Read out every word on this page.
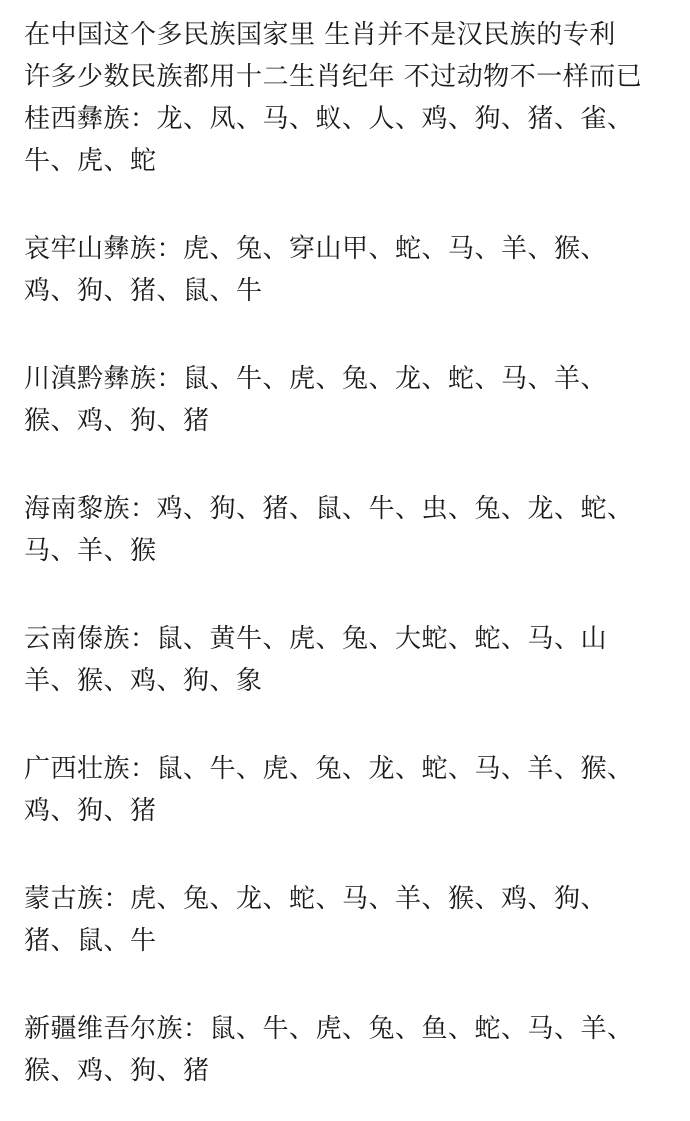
在中国这个多民族国家里 生肖并不是汉民族的专利
许多少数民族都用十二生肖纪年 不过动物不一样而已
桂西彝族：龙、凤、马、蚁、人、鸡、狗、猪、雀、
牛、虎、蛇
哀牢山彝族：虎、兔、穿山甲、蛇、马、羊、猴、
鸡、狗、猪、鼠、牛
川滇黔彝族：鼠、牛、虎、兔、龙、蛇、马、羊、
猴、鸡、狗、猪
海南黎族：鸡、狗、猪、鼠、牛、虫、兔、龙、蛇、
马、羊、猴
云南傣族：鼠、黄牛、虎、兔、大蛇、蛇、马、山
羊、猴、鸡、狗、象
广西壮族：鼠、牛、虎、兔、龙、蛇、马、羊、猴、
鸡、狗、猪
蒙古族：虎、兔、龙、蛇、马、羊、猴、鸡、狗、
猪、鼠、牛
新疆维吾尔族：鼠、牛、虎、兔、鱼、蛇、马、羊、
猴、鸡、狗、猪
